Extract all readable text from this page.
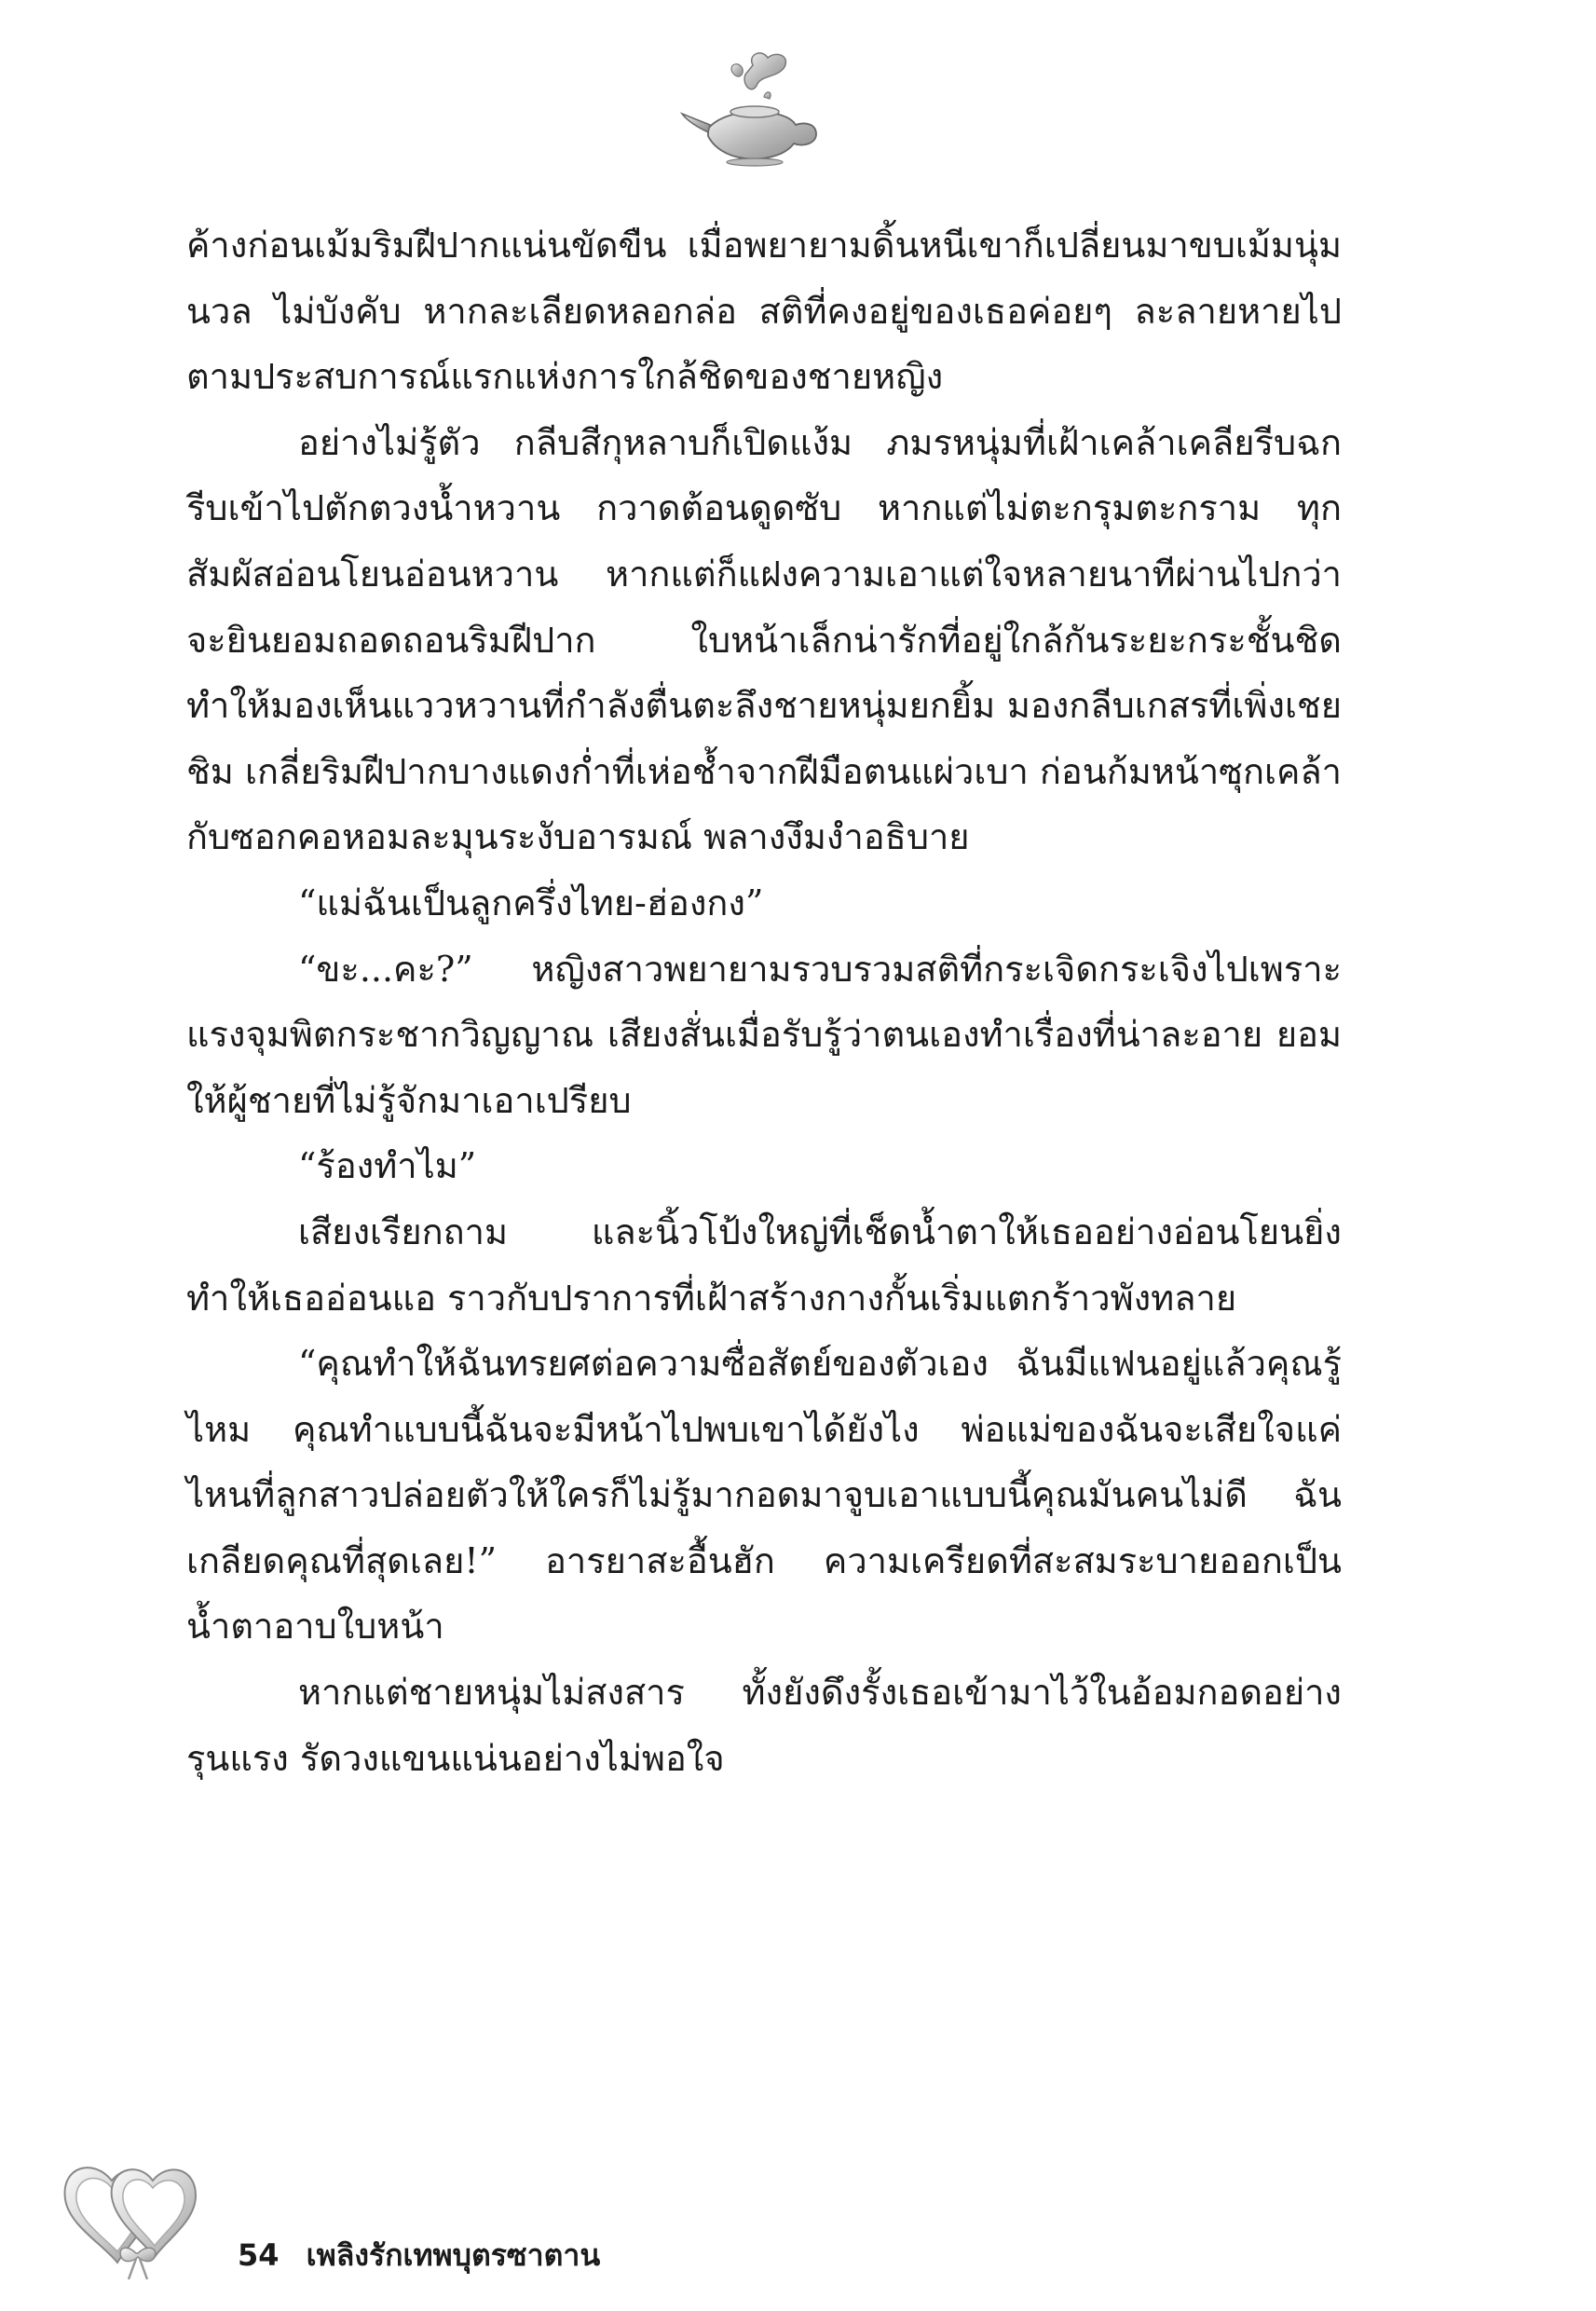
ค้างก่อนเม้มริมฝีปากแน่นขัดขืน เมื่อพยายามดิ้นหนีเขาก็เปลี่ยนมาขบเม้มนุ่มนวล ไม่บังคับ หากละเลียดหลอกล่อ สติที่คงอยู่ของเธอค่อยๆ ละลายหายไปตามประสบการณ์แรกแห่งการใกล้ชิดของชายหญิง

อย่างไม่รู้ตัว กลีบสีกุหลาบก็เปิดแง้ม ภมรหนุ่มที่เฝ้าเคล้าเคลียรีบฉก รีบเข้าไปตักตวงน้ำหวาน กวาดต้อนดูดซับ หากแต่ไม่ตะกรุมตะกราม ทุกสัมผัสอ่อนโยนอ่อนหวาน หากแต่ก็แฝงความเอาแต่ใจหลายนาทีผ่านไปกว่าจะยินยอมถอดถอนริมฝีปาก ใบหน้าเล็กน่ารักที่อยู่ใกล้กันระยะกระชั้นชิดทำให้มองเห็นแววหวานที่กำลังตื่นตะลึงชายหนุ่มยกยิ้ม มองกลีบเกสรที่เพิ่งเชยชิม เกลี่ยริมฝีปากบางแดงก่ำที่เห่อช้ำจากฝีมือตนแผ่วเบา ก่อนก้มหน้าซุกเคล้ากับซอกคอหอมละมุนระงับอารมณ์ พลางงึมงำอธิบาย

“แม่ฉันเป็นลูกครึ่งไทย-ฮ่องกง”

“ขะ...คะ?” หญิงสาวพยายามรวบรวมสติที่กระเจิดกระเจิงไปเพราะแรงจุมพิตกระชากวิญญาณ เสียงสั่นเมื่อรับรู้ว่าตนเองทำเรื่องที่น่าละอาย ยอมให้ผู้ชายที่ไม่รู้จักมาเอาเปรียบ

“ร้องทำไม”

เสียงเรียกถาม และนิ้วโป้งใหญ่ที่เช็ดน้ำตาให้เธออย่างอ่อนโยนยิ่งทำให้เธออ่อนแอ ราวกับปราการที่เฝ้าสร้างกางกั้นเริ่มแตกร้าวพังทลาย

“คุณทำให้ฉันทรยศต่อความซื่อสัตย์ของตัวเอง ฉันมีแฟนอยู่แล้วคุณรู้ไหม คุณทำแบบนี้ฉันจะมีหน้าไปพบเขาได้ยังไง พ่อแม่ของฉันจะเสียใจแค่ไหนที่ลูกสาวปล่อยตัวให้ใครก็ไม่รู้มากอดมาจูบเอาแบบนี้คุณมันคนไม่ดี ฉันเกลียดคุณที่สุดเลย!” อารยาสะอื้นฮัก ความเครียดที่สะสมระบายออกเป็นน้ำตาอาบใบหน้า

หากแต่ชายหนุ่มไม่สงสาร ทั้งยังดึงรั้งเธอเข้ามาไว้ในอ้อมกอดอย่างรุนแรง รัดวงแขนแน่นอย่างไม่พอใจ

54 เพลิงรักเทพบุตรซาตาน
